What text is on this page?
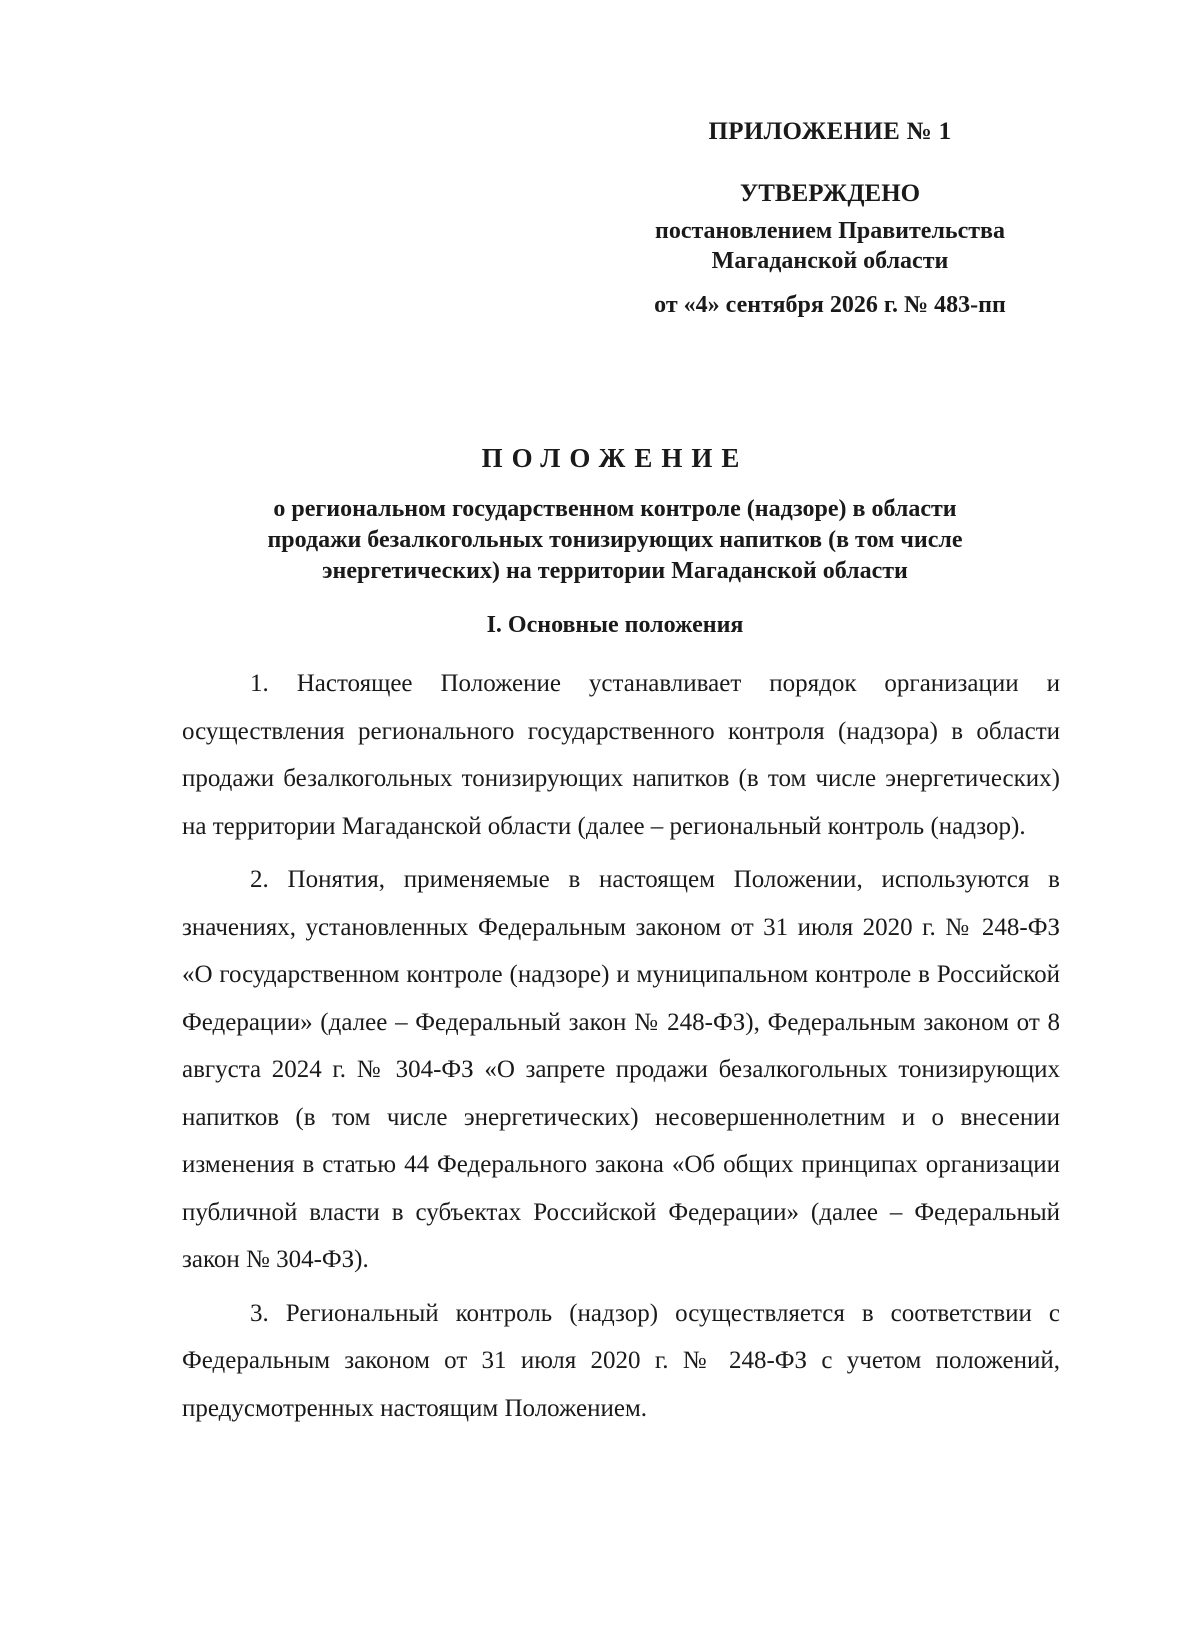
ПРИЛОЖЕНИЕ № 1
УТВЕРЖДЕНО
постановлением Правительства
Магаданской области
от «4» сентября 2026 г. № 483-пп
ПОЛОЖЕНИЕ
о региональном государственном контроле (надзоре) в области
продажи безалкогольных тонизирующих напитков (в том числе
энергетических) на территории Магаданской области
I. Основные положения

1. Настоящее Положение устанавливает порядок организации и осуществления регионального государственного контроля (надзора) в области продажи безалкогольных тонизирующих напитков (в том числе энергетических) на территории Магаданской области (далее – региональный контроль (надзор).

2. Понятия, применяемые в настоящем Положении, используются в значениях, установленных Федеральным законом от 31 июля 2020 г. № 248-ФЗ «О государственном контроле (надзоре) и муниципальном контроле в Российской Федерации» (далее – Федеральный закон № 248-ФЗ), Федеральным законом от 8 августа 2024 г. № 304-ФЗ «О запрете продажи безалкогольных тонизирующих напитков (в том числе энергетических) несовершеннолетним и о внесении изменения в статью 44 Федерального закона «Об общих принципах организации публичной власти в субъектах Российской Федерации» (далее – Федеральный закон № 304-ФЗ).

3. Региональный контроль (надзор) осуществляется в соответствии с Федеральным законом от 31 июля 2020 г. № 248-ФЗ с учетом положений, предусмотренных настоящим Положением.
